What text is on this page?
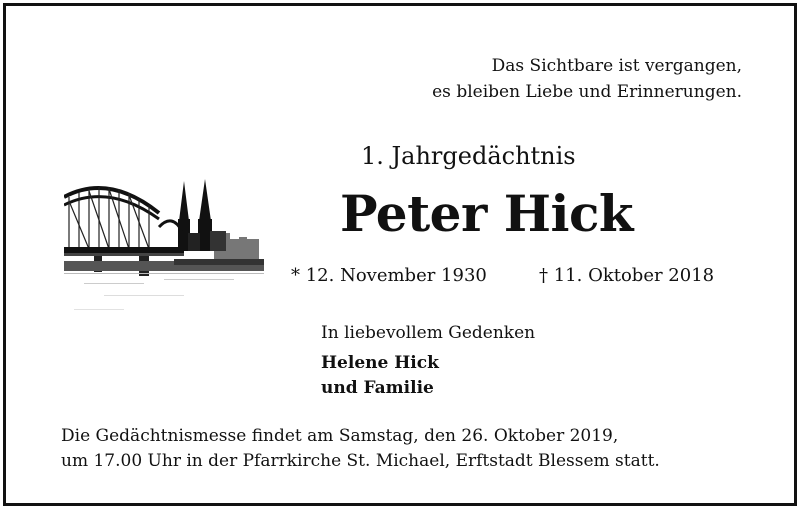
Das Sichtbare ist vergangen,
es bleiben Liebe und Erinnerungen.
1. Jahrgedächtnis
Peter Hick
* 12. November 1930	† 11. Oktober 2018
In liebevollem Gedenken
Helene Hick
und Familie
Die Gedächtnismesse findet am Samstag, den 26. Oktober 2019,
um 17.00 Uhr in der Pfarrkirche St. Michael, Erftstadt Blessem statt.
